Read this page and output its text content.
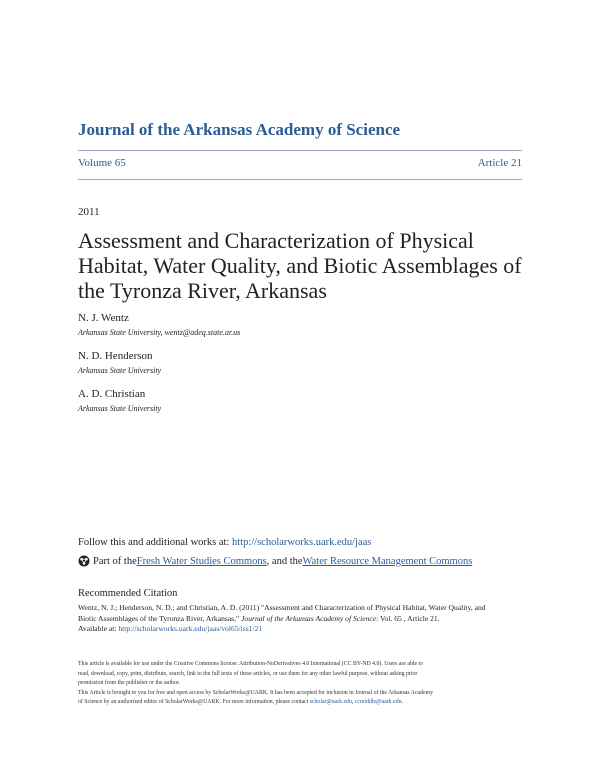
Journal of the Arkansas Academy of Science
Volume 65	Article 21
2011
Assessment and Characterization of Physical
Habitat, Water Quality, and Biotic Assemblages of
the Tyronza River, Arkansas
N. J. Wentz
Arkansas State University, wentz@adeq.state.ar.us
N. D. Henderson
Arkansas State University
A. D. Christian
Arkansas State University
Follow this and additional works at: http://scholarworks.uark.edu/jaas
Part of the Fresh Water Studies Commons , and the Water Resource Management Commons
Recommended Citation
Wentz, N. J.; Henderson, N. D.; and Christian, A. D. (2011) "Assessment and Characterization of Physical Habitat, Water Quality, and
Biotic Assemblages of the Tyronza River, Arkansas," Journal of the Arkansas Academy of Science: Vol. 65 , Article 21.
Available at: http://scholarworks.uark.edu/jaas/vol65/iss1/21
This article is available for use under the Creative Commons license: Attribution-NoDerivatives 4.0 International (CC BY-ND 4.0). Users are able to
read, download, copy, print, distribute, search, link to the full texts of these articles, or use them for any other lawful purpose, without asking prior
permission from the publisher or the author.
This Article is brought to you for free and open access by ScholarWorks@UARK. It has been accepted for inclusion in Journal of the Arkansas Academy
of Science by an authorized editor of ScholarWorks@UARK. For more information, please contact scholar@uark.edu, ccmiddle@uark.edu.
